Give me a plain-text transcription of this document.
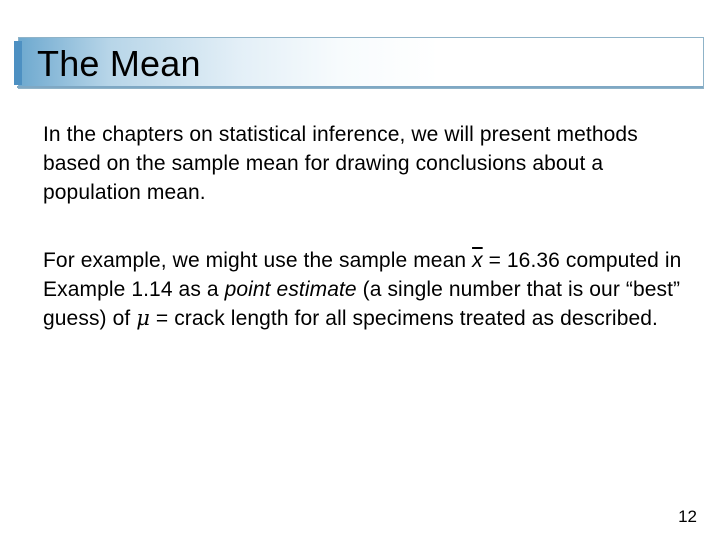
The Mean

In the chapters on statistical inference, we will present methods based on the sample mean for drawing conclusions about a population mean.

For example, we might use the sample mean $\overline{x} = 16.36$ computed in Example 1.14 as a point estimate (a single number that is our “best” guess) of μ = crack length for all specimens treated as described.

12
